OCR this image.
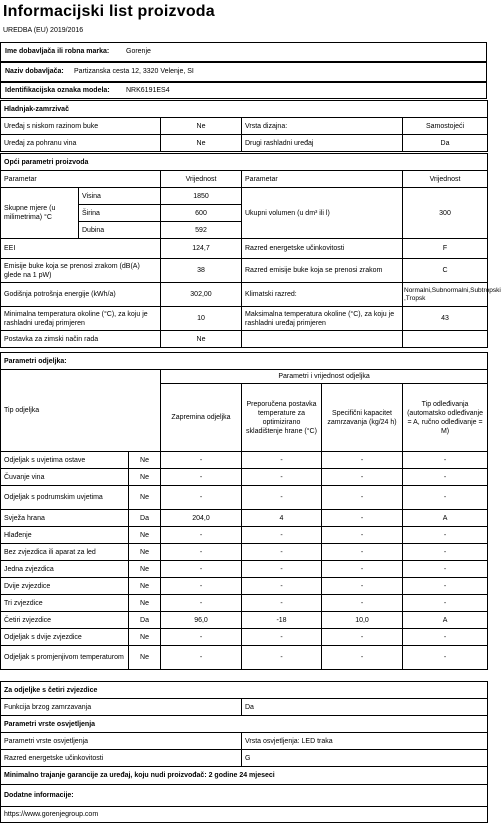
Informacijski list proizvoda
UREDBA (EU) 2019/2016
Ime dobavljača ili robna marka: Gorenje
Naziv dobavljača: Partizanska cesta 12, 3320 Velenje, SI
Identifikacijska oznaka modela: NRK6191ES4
Hladnjak-zamrzivač			
Uređaj s niskom razinom buke	Ne	Vrsta dizajna:	Samostojeći
Uređaj za pohranu vina	Ne	Drugi rashladni uređaj	Da
Opći parametri proizvoda				
Parametar		Vrijednost	Parametar	Vrijednost
Skupne mjere (u milimetrima) °C	Visina	1850	Ukupni volumen (u dm³ ili l)	300
	Širina	600		
	Dubina	592		
EEI		124,7	Razred energetske učinkovitosti	F
Emisije buke koja se prenosi zrakom (dB(A) glede na 1 pW)		38	Razred emisije buke koja se prenosi zrakom	C
Godišnja potrošnja energije (kWh/a)		302,00	Klimatski razred:	Normalni,Subnormalni,Subtropski ,Tropsk
Minimalna temperatura okoline (°C), za koju je rashladni uređaj primjeren		10	Maksimalna temperatura okoline (°C), za koju je rashladni uređaj primjeren	43
Postavka za zimski način rada		Ne		
Parametri odjeljka:					
Tip odjeljka		Parametri i vrijednost odjeljka			
		Zapremina odjeljka	Preporučena postavka temperature za optimizirano skladištenje hrane (°C)	Specifični kapacitet zamrzavanja (kg/24 h)	Tip odleđivanja (automatsko odleđivanje = A, ručno odleđivanje = M)
Odjeljak s uvjetima ostave	Ne	-	-	-	-
Čuvanje vina	Ne	-	-	-	-
Odjeljak s podrumskim uvjetima	Ne	-	-	-	-
Svježa hrana	Da	204,0	4	-	A
Hlađenje	Ne	-	-	-	-
Bez zvjezdica ili aparat za led	Ne	-	-	-	-
Jedna zvjezdica	Ne	-	-	-	-
Dvije zvjezdice	Ne	-	-	-	-
Tri zvjezdice	Ne	-	-	-	-
Četiri zvjezdice	Da	96,0	-18	10,0	A
Odjeljak s dvije zvjezdice	Ne	-	-	-	-
Odjeljak s promjenjivom temperaturom	Ne	-	-	-	-
Za odjeljke s četiri zvjezdice	
Funkcija brzog zamrzavanja	Da
Parametri vrste osvjetljenja	
Parametri vrste osvjetljenja	Vrsta osvjetljenja: LED traka
Razred energetske učinkovitosti	G
Minimalno trajanje garancije za uređaj, koju nudi proizvođač: 2 godine 24 mjeseci	
Dodatne informacije:	
https://www.gorenjegroup.com	
